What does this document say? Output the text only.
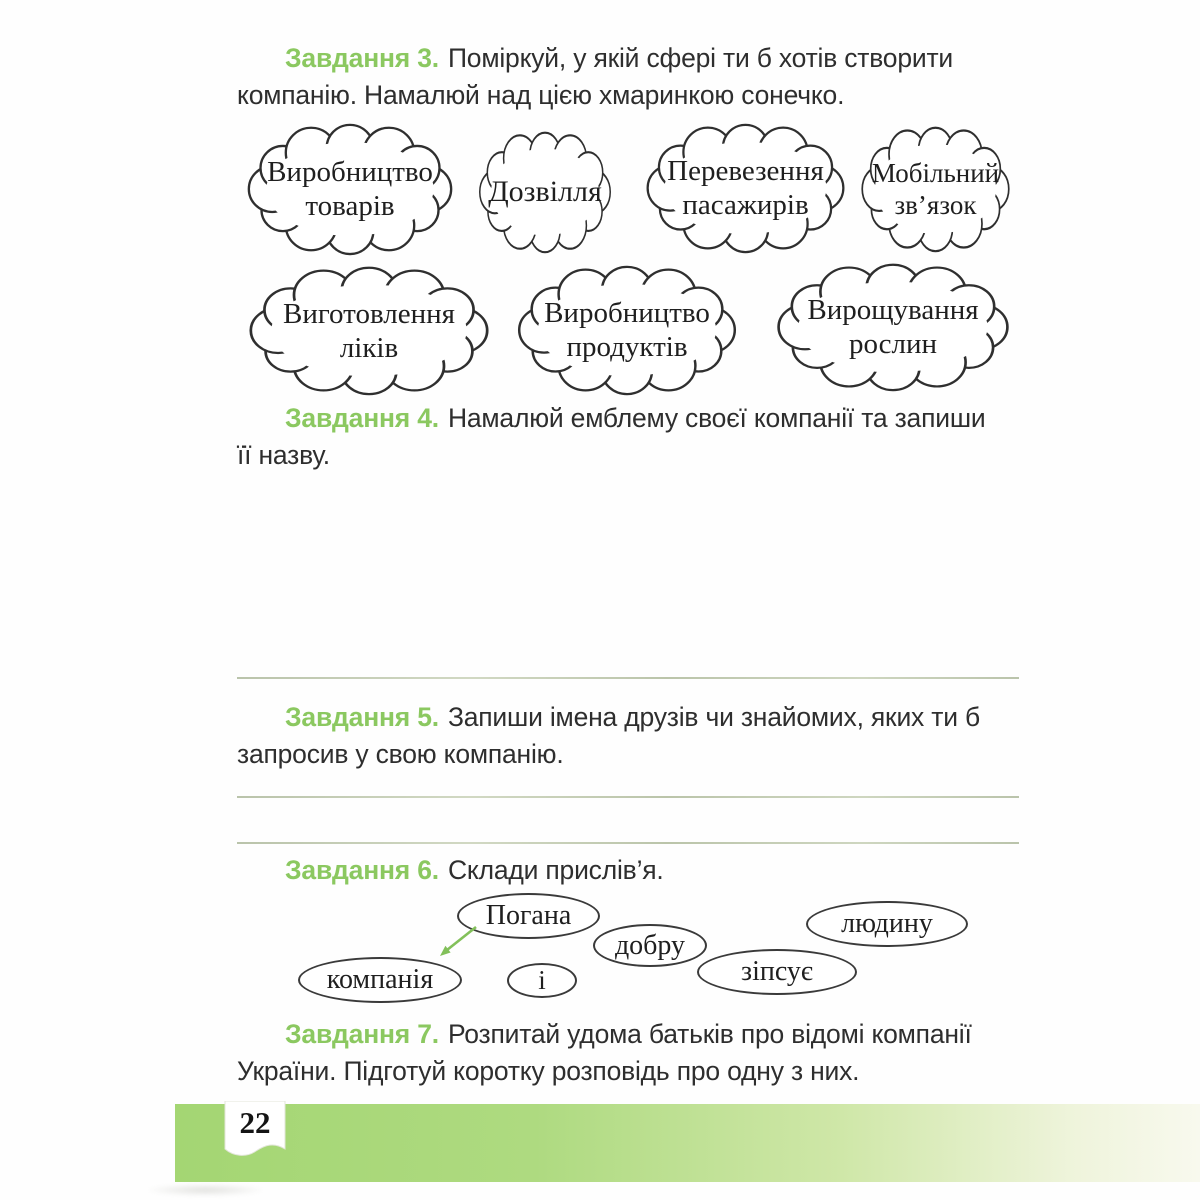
Завдання 3. Поміркуй, у якій сфері ти б хотів створити
компанію. Намалюй над цією хмаринкою сонечко.

Виробництво
товарів	Дозвілля
Перевезення
пасажирів
Мобільний
зв’язок
Виготовлення
ліків
Виробництво
продуктів
Вирощування
рослин

Завдання 4. Намалюй емблему своєї компанії та запиши
її назву.

Завдання 5. Запиши імена друзів чи знайомих, яких ти б
запросив у свою компанію.

Завдання 6. Склади прислів’я.

Погана
добру
людину
компанія	і	зіпсує

Завдання 7. Розпитай удома батьків про відомі компанії
України. Підготуй коротку розповідь про одну з них.

22
